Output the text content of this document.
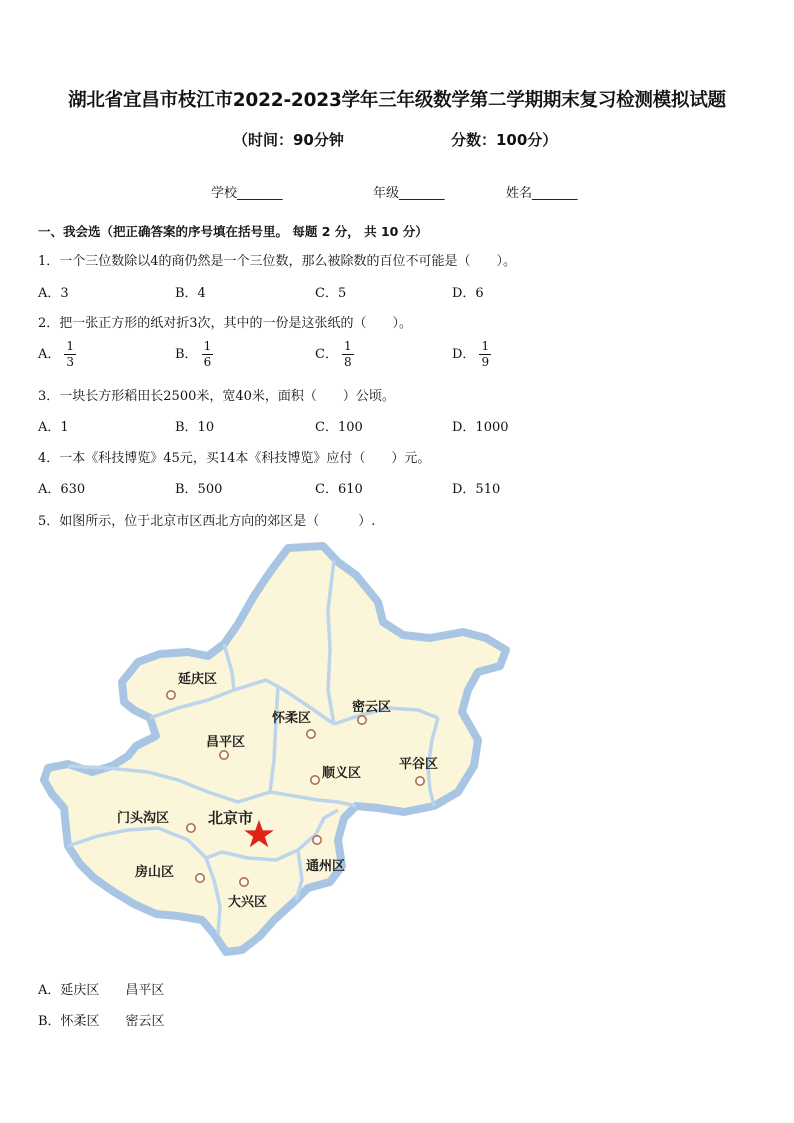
湖北省宜昌市枝江市2022-2023学年三年级数学第二学期期末复习检测模拟试题
（时间：90分钟	分数：100分）
学校_______	年级_______	姓名_______
一、我会选（把正确答案的序号填在括号里。 每题 2 分， 共 10 分）
1．一个三位数除以4的商仍然是一个三位数，那么被除数的百位不可能是（　　）。
A．3	B．4	C．5	D．6
2．把一张正方形的纸对折3次，其中的一份是这张纸的（　　）。
A． $\frac{1}{3}$	B． $\frac{1}{6}$	C． $\frac{1}{8}$	D． $\frac{1}{9}$
3．一块长方形稻田长2500米，宽40米，面积（　　）公顷。
A．1	B．10	C．100	D．1000
4．一本《科技博览》45元，买14本《科技博览》应付（　　）元。
A．630	B．500	C．610	D．510
5．如图所示，位于北京市区西北方向的郊区是（　　　）.
延庆区
怀柔区
密云区
昌平区
顺义区
平谷区
门头沟区	北京市
房山区
大兴区
通州区
A．延庆区　　昌平区
B．怀柔区　　密云区
